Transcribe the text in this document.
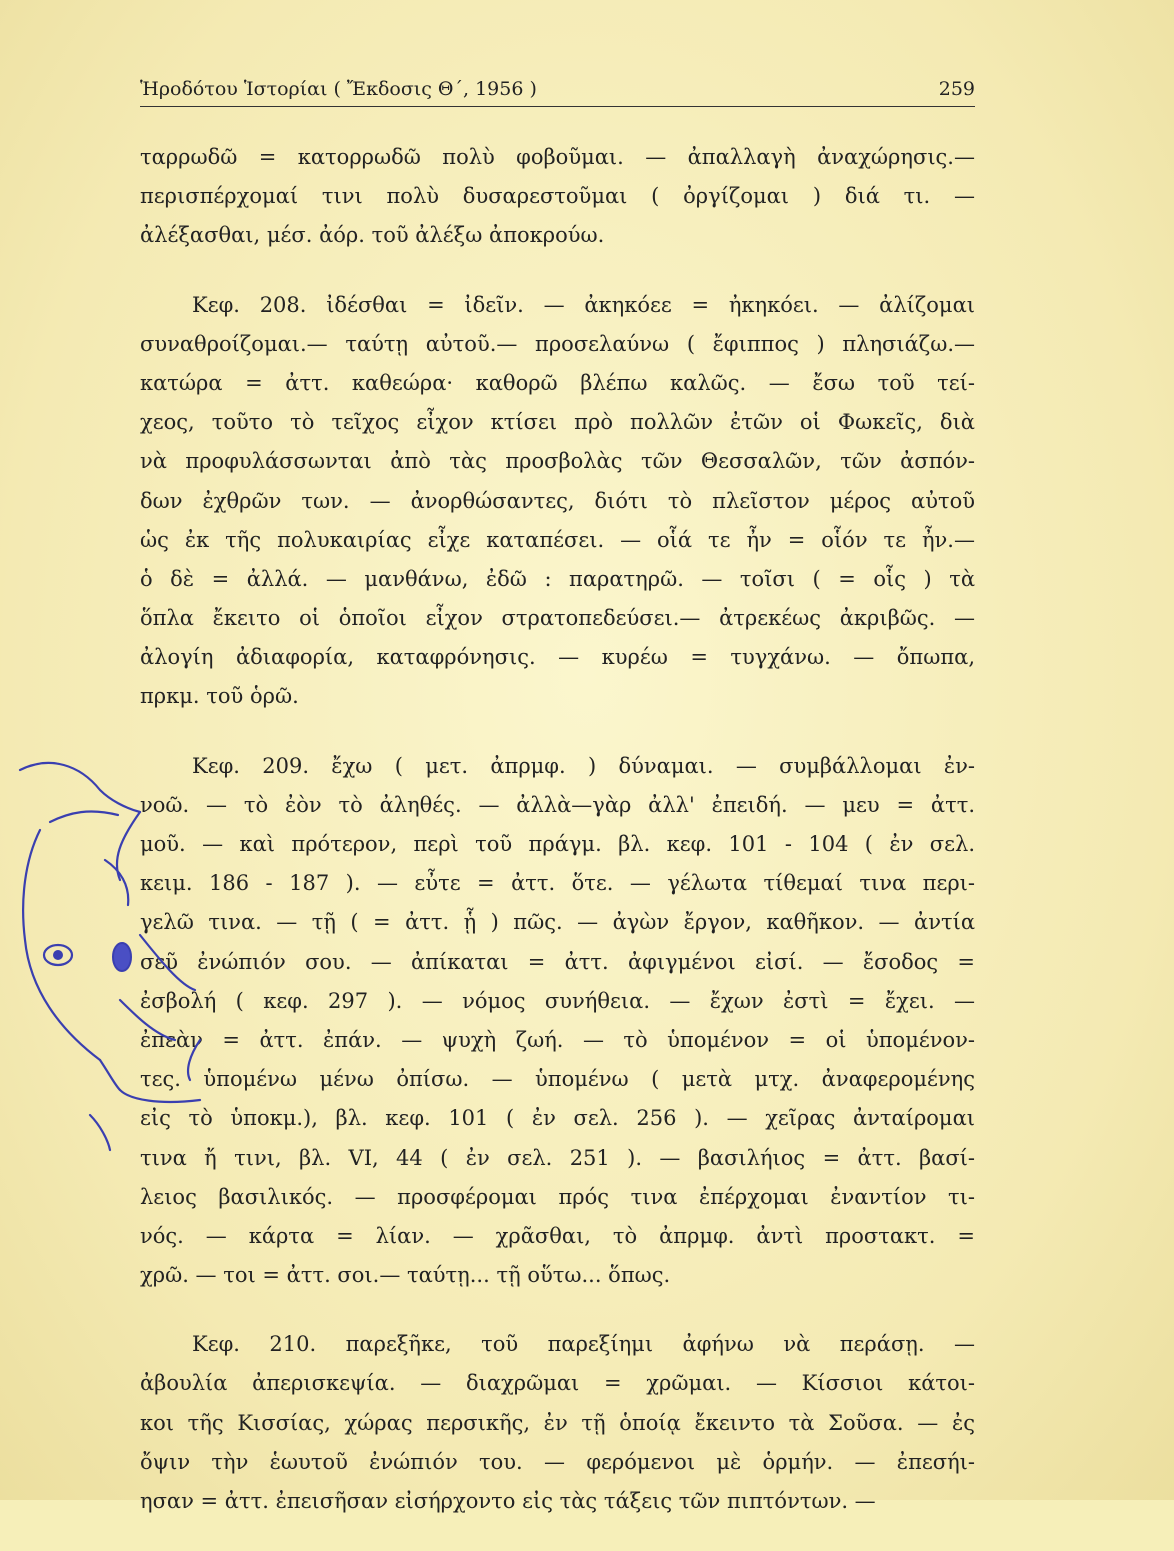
Ἡροδότου Ἱστορίαι ( Ἔκδοσις Θ΄, 1956 )	259
ταρρωδῶ = κατορρωδῶ πολὺ φοβοῦμαι. — ἀπαλλαγὴ ἀναχώρησις.—
περισπέρχομαί τινι πολὺ δυσαρεστοῦμαι ( ὀργίζομαι ) διά τι. —
ἀλέξασθαι, μέσ. ἀόρ. τοῦ ἀλέξω ἀποκρούω.
Κεφ. 208. ἰδέσθαι = ἰδεῖν. — ἀκηκόεε = ἠκηκόει. — ἀλίζομαι
συναθροίζομαι.— ταύτῃ αὐτοῦ.— προσελαύνω ( ἔφιππος ) πλησιάζω.—
κατώρα = ἀττ. καθεώρα· καθορῶ βλέπω καλῶς. — ἔσω τοῦ τεί-
χεος, τοῦτο τὸ τεῖχος εἶχον κτίσει πρὸ πολλῶν ἐτῶν οἱ Φωκεῖς, διὰ
νὰ προφυλάσσωνται ἀπὸ τὰς προσβολὰς τῶν Θεσσαλῶν, τῶν ἀσπόν-
δων ἐχθρῶν των. — ἀνορθώσαντες, διότι τὸ πλεῖστον μέρος αὐτοῦ
ὡς ἐκ τῆς πολυκαιρίας εἶχε καταπέσει. — οἷά τε ἦν = οἷόν τε ἦν.—
ὁ δὲ = ἀλλά. — μανθάνω, ἐδῶ : παρατηρῶ. — τοῖσι ( = οἷς ) τὰ
ὅπλα ἔκειτο οἱ ὁποῖοι εἶχον στρατοπεδεύσει.— ἀτρεκέως ἀκριβῶς. —
ἀλογίη ἀδιαφορία, καταφρόνησις. — κυρέω = τυγχάνω. — ὄπωπα,
πρκμ. τοῦ ὁρῶ.
Κεφ. 209. ἔχω ( μετ. ἀπρμφ. ) δύναμαι. — συμβάλλομαι ἐν-
νοῶ. — τὸ ἐὸν τὸ ἀληθές. — ἀλλὰ—γὰρ ἀλλ' ἐπειδή. — μευ = ἀττ.
μοῦ. — καὶ πρότερον, περὶ τοῦ πράγμ. βλ. κεφ. 101 - 104 ( ἐν σελ.
κειμ. 186 - 187 ). — εὖτε = ἀττ. ὅτε. — γέλωτα τίθεμαί τινα περι-
γελῶ τινα. — τῇ ( = ἀττ. ᾗ ) πῶς. — ἀγὼν ἔργον, καθῆκον. — ἀντία
σεῦ ἐνώπιόν σου. — ἀπίκαται = ἀττ. ἀφιγμένοι εἰσί. — ἔσοδος =
ἐσβολή ( κεφ. 297 ). — νόμος συνήθεια. — ἔχων ἐστὶ = ἔχει. —
ἐπεὰν = ἀττ. ἐπάν. — ψυχὴ ζωή. — τὸ ὑπομένον = οἱ ὑπομένον-
τες. ὑπομένω μένω ὀπίσω. — ὑπομένω ( μετὰ μτχ. ἀναφερομένης
εἰς τὸ ὑποκμ.), βλ. κεφ. 101 ( ἐν σελ. 256 ). — χεῖρας ἀνταίρομαι
τινα ἤ τινι, βλ. VI, 44 ( ἐν σελ. 251 ). — βασιλήιος = ἀττ. βασί-
λειος βασιλικός. — προσφέρομαι πρός τινα ἐπέρχομαι ἐναντίον τι-
νός. — κάρτα = λίαν. — χρᾶσθαι, τὸ ἀπρμφ. ἀντὶ προστακτ. =
χρῶ. — τοι = ἀττ. σοι.— ταύτῃ... τῇ οὕτω... ὅπως.
Κεφ. 210. παρεξῆκε, τοῦ παρεξίημι ἀφήνω νὰ περάσῃ. —
ἀβουλία ἀπερισκεψία. — διαχρῶμαι = χρῶμαι. — Κίσσιοι κάτοι-
κοι τῆς Κισσίας, χώρας περσικῆς, ἐν τῇ ὁποίᾳ ἔκειντο τὰ Σοῦσα. — ἐς
ὄψιν τὴν ἑωυτοῦ ἐνώπιόν του. — φερόμενοι μὲ ὁρμήν. — ἐπεσήι-
ησαν = ἀττ. ἐπεισῆσαν εἰσήρχοντο εἰς τὰς τάξεις τῶν πιπτόντων. —
